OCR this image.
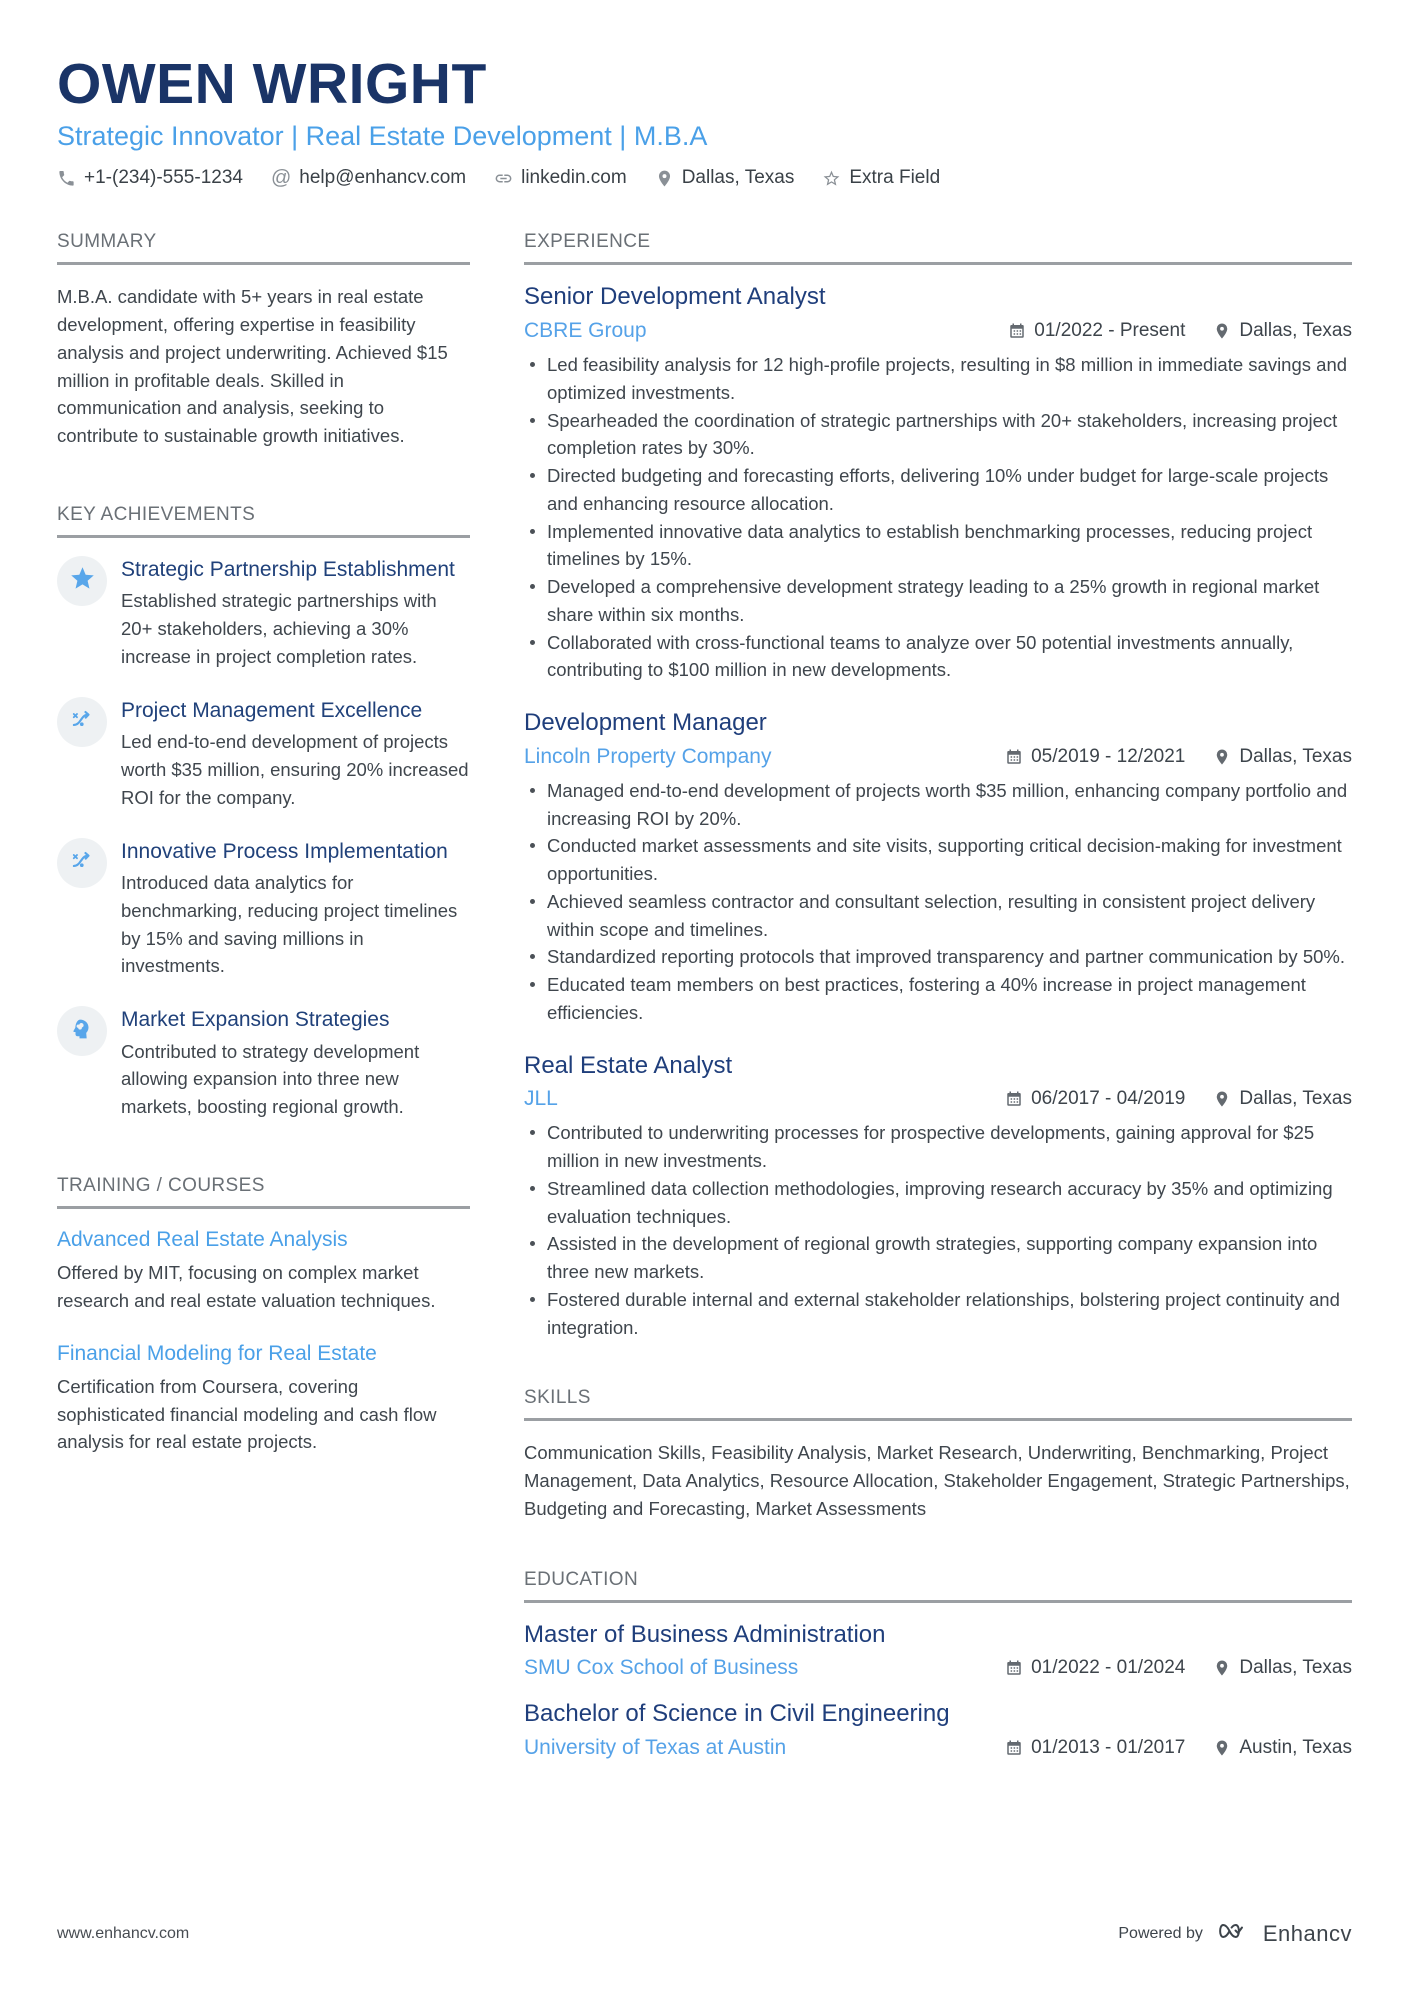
OWEN WRIGHT
Strategic Innovator | Real Estate Development | M.B.A
+1-(234)-555-1234 @ help@enhancv.com	linkedin.com	Dallas, Texas	Extra Field
SUMMARY

M.B.A. candidate with 5+ years in real estate development, offering expertise in feasibility analysis and project underwriting. Achieved $15 million in profitable deals. Skilled in communication and analysis, seeking to contribute to sustainable growth initiatives.

KEY ACHIEVEMENTS
Strategic Partnership Establishment
Established strategic partnerships with 20+ stakeholders, achieving a 30% increase in project completion rates.
Project Management Excellence
Led end-to-end development of projects worth $35 million, ensuring 20% increased ROI for the company.
Innovative Process Implementation
Introduced data analytics for benchmarking, reducing project timelines by 15% and saving millions in investments.
Market Expansion Strategies
Contributed to strategy development allowing expansion into three new markets, boosting regional growth.
TRAINING / COURSES
Advanced Real Estate Analysis

Offered by MIT, focusing on complex market research and real estate valuation techniques.

Financial Modeling for Real Estate

Certification from Coursera, covering sophisticated financial modeling and cash flow analysis for real estate projects.

EXPERIENCE
Senior Development Analyst
CBRE Group	01/2022 - Present	Dallas, Texas
Led feasibility analysis for 12 high-profile projects, resulting in $8 million in immediate savings and optimized investments.
Spearheaded the coordination of strategic partnerships with 20+ stakeholders, increasing project completion rates by 30%.
Directed budgeting and forecasting efforts, delivering 10% under budget for large-scale projects and enhancing resource allocation.
Implemented innovative data analytics to establish benchmarking processes, reducing project timelines by 15%.
Developed a comprehensive development strategy leading to a 25% growth in regional market share within six months.
Collaborated with cross-functional teams to analyze over 50 potential investments annually, contributing to $100 million in new developments.
Development Manager
Lincoln Property Company	05/2019 - 12/2021	Dallas, Texas
Managed end-to-end development of projects worth $35 million, enhancing company portfolio and increasing ROI by 20%.
Conducted market assessments and site visits, supporting critical decision-making for investment opportunities.
Achieved seamless contractor and consultant selection, resulting in consistent project delivery within scope and timelines.
Standardized reporting protocols that improved transparency and partner communication by 50%.
Educated team members on best practices, fostering a 40% increase in project management efficiencies.
Real Estate Analyst
JLL	06/2017 - 04/2019	Dallas, Texas
Contributed to underwriting processes for prospective developments, gaining approval for $25 million in new investments.
Streamlined data collection methodologies, improving research accuracy by 35% and optimizing evaluation techniques.
Assisted in the development of regional growth strategies, supporting company expansion into three new markets.
Fostered durable internal and external stakeholder relationships, bolstering project continuity and integration.
SKILLS

Communication Skills, Feasibility Analysis, Market Research, Underwriting, Benchmarking, Project Management, Data Analytics, Resource Allocation, Stakeholder Engagement, Strategic Partnerships, Budgeting and Forecasting, Market Assessments

EDUCATION
Master of Business Administration
SMU Cox School of Business	01/2022 - 01/2024	Dallas, Texas
Bachelor of Science in Civil Engineering
University of Texas at Austin	01/2013 - 01/2017	Austin, Texas
www.enhancv.com	Powered by	Enhancv
